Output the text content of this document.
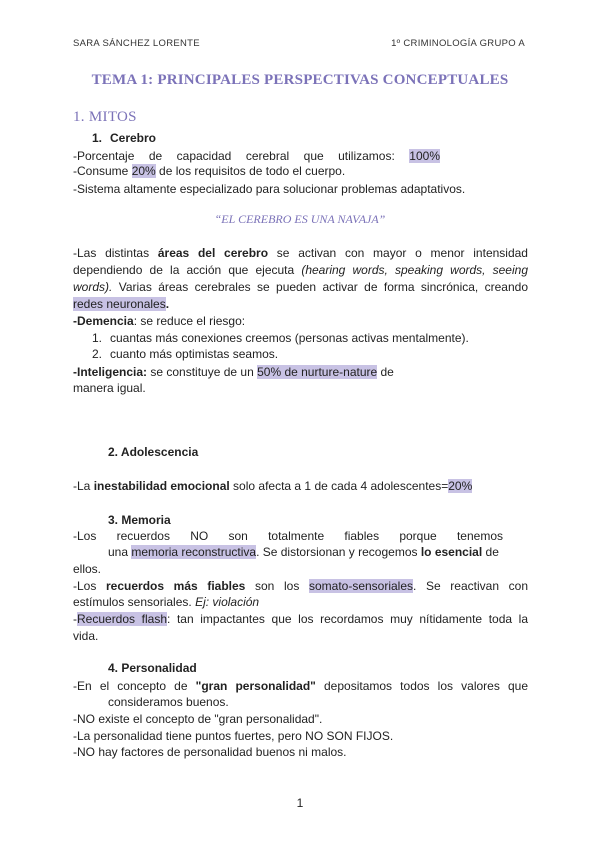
SARA SÁNCHEZ LORENTE	1º CRIMINOLOGÍA GRUPO A
TEMA 1: PRINCIPALES PERSPECTIVAS CONCEPTUALES
1. MITOS
1. Cerebro
-Porcentaje de capacidad cerebral que utilizamos: 100%
-Consume 20% de los requisitos de todo el cuerpo.
-Sistema altamente especializado para solucionar problemas adaptativos.
“EL CEREBRO ES UNA NAVAJA”
-Las distintas áreas del cerebro se activan con mayor o menor intensidad
dependiendo de la acción que ejecuta (hearing words, speaking words, seeing
words). Varias áreas cerebrales se pueden activar de forma sincrónica, creando
redes neuronales.
-Demencia: se reduce el riesgo:
1. cuantas más conexiones creemos (personas activas mentalmente).
2. cuanto más optimistas seamos.
-Inteligencia: se constituye de un 50% de nurture-nature de
manera igual.
2. Adolescencia
-La inestabilidad emocional solo afecta a 1 de cada 4 adolescentes=20%
3. Memoria
-Los recuerdos NO son totalmente fiables porque tenemos
una memoria reconstructiva. Se distorsionan y recogemos lo esencial de
ellos.
-Los recuerdos más fiables son los somato-sensoriales. Se reactivan con
estímulos sensoriales. Ej: violación
-Recuerdos flash: tan impactantes que los recordamos muy nítidamente toda la
vida.
4. Personalidad
-En el concepto de "gran personalidad" depositamos todos los valores que
consideramos buenos.
-NO existe el concepto de "gran personalidad".
-La personalidad tiene puntos fuertes, pero NO SON FIJOS.
-NO hay factores de personalidad buenos ni malos.
1
